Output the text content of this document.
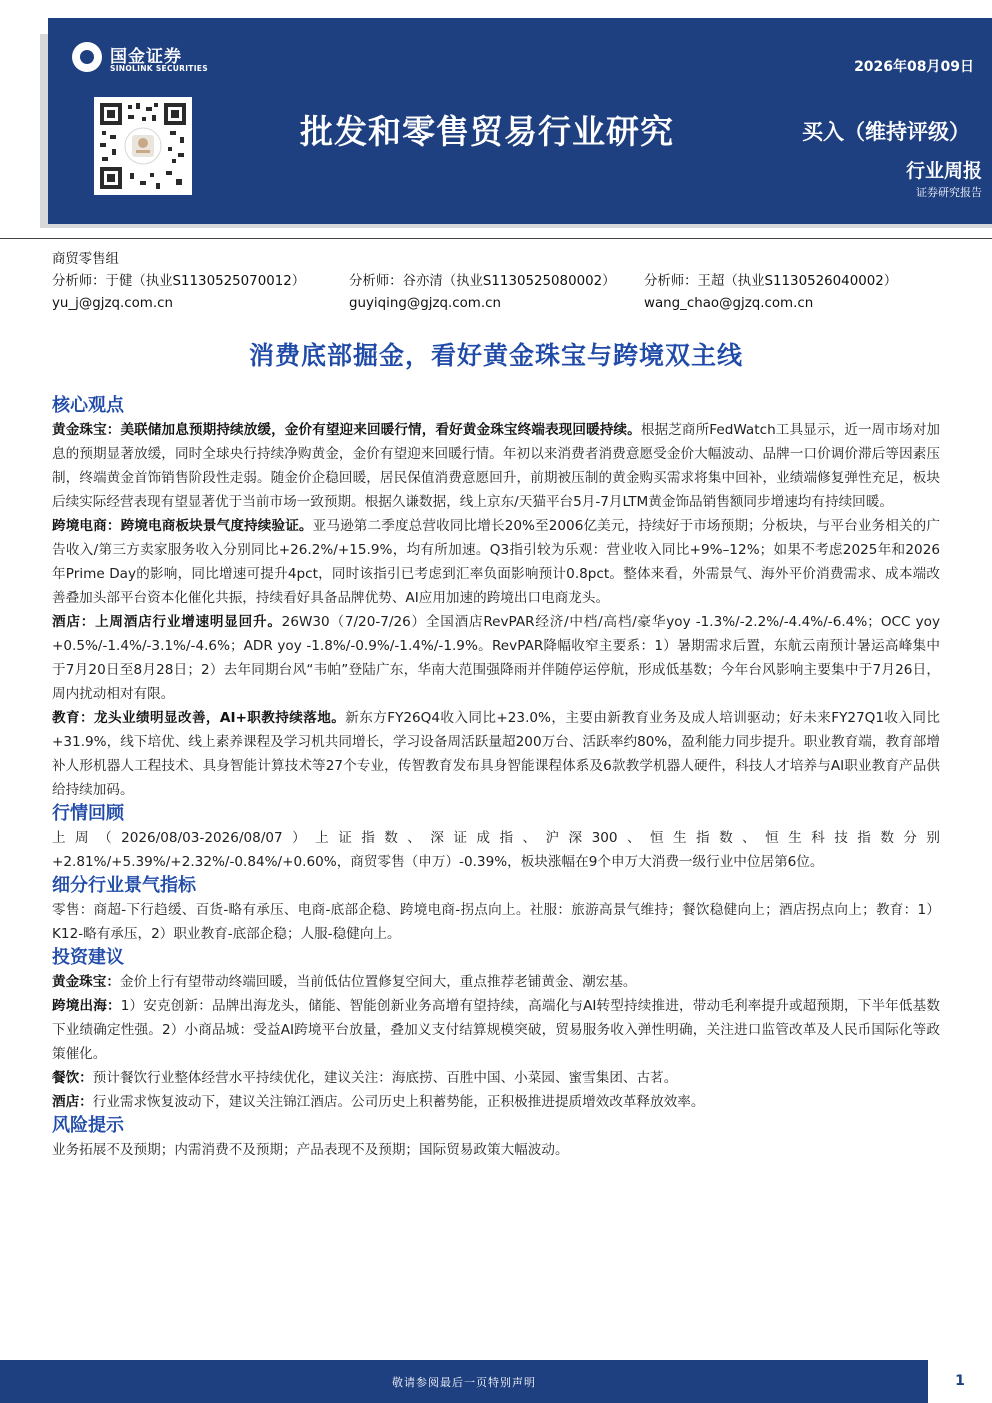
国金证券
SINOLINK SECURITIES	2026年08月09日
批发和零售贸易行业研究	买入（维持评级）
行业周报
证券研究报告
商贸零售组
分析师：于健（执业S1130525070012）
yu_j@gjzq.com.cn
分析师：谷亦清（执业S1130525080002）
guyiqing@gjzq.com.cn
分析师：王超（执业S1130526040002）
wang_chao@gjzq.com.cn
消费底部掘金，看好黄金珠宝与跨境双主线
核心观点

黄金珠宝：美联储加息预期持续放缓，金价有望迎来回暖行情，看好黄金珠宝终端表现回暖持续。根据芝商所FedWatch工具显示，近一周市场对加息的预期显著放缓，同时全球央行持续净购黄金，金价有望迎来回暖行情。年初以来消费者消费意愿受金价大幅波动、品牌一口价调价滞后等因素压制，终端黄金首饰销售阶段性走弱。随金价企稳回暖，居民保值消费意愿回升，前期被压制的黄金购买需求将集中回补，业绩端修复弹性充足，板块后续实际经营表现有望显著优于当前市场一致预期。根据久谦数据，线上京东/天猫平台5月-7月LTM黄金饰品销售额同步增速均有持续回暖。

跨境电商：跨境电商板块景气度持续验证。亚马逊第二季度总营收同比增长20%至2006亿美元，持续好于市场预期；分板块，与平台业务相关的广告收入/第三方卖家服务收入分别同比+26.2%/+15.9%，均有所加速。Q3指引较为乐观：营业收入同比+9%–12%；如果不考虑2025年和2026年Prime Day的影响，同比增速可提升4pct，同时该指引已考虑到汇率负面影响预计0.8pct。整体来看，外需景气、海外平价消费需求、成本端改善叠加头部平台资本化催化共振，持续看好具备品牌优势、AI应用加速的跨境出口电商龙头。

酒店：上周酒店行业增速明显回升。26W30（7/20-7/26）全国酒店RevPAR经济/中档/高档/豪华yoy -1.3%/-2.2%/-4.4%/-6.4%；OCC yoy +0.5%/-1.4%/-3.1%/-4.6%；ADR yoy -1.8%/-0.9%/-1.4%/-1.9%。RevPAR降幅收窄主要系：1）暑期需求后置，东航云南预计暑运高峰集中于7月20日至8月28日；2）去年同期台风“韦帕”登陆广东，华南大范围强降雨并伴随停运停航，形成低基数；今年台风影响主要集中于7月26日，周内扰动相对有限。

教育：龙头业绩明显改善，AI+职教持续落地。新东方FY26Q4收入同比+23.0%，主要由新教育业务及成人培训驱动；好未来FY27Q1收入同比+31.9%，线下培优、线上素养课程及学习机共同增长，学习设备周活跃量超200万台、活跃率约80%，盈利能力同步提升。职业教育端，教育部增补人形机器人工程技术、具身智能计算技术等27个专业，传智教育发布具身智能课程体系及6款教学机器人硬件，科技人才培养与AI职业教育产品供给持续加码。

行情回顾

上周（2026/08/03-2026/08/07）上证指数、深证成指、沪深300、恒生指数、恒生科技指数分别+2.81%/+5.39%/+2.32%/-0.84%/+0.60%，商贸零售（申万）-0.39%，板块涨幅在9个申万大消费一级行业中位居第6位。

细分行业景气指标

零售：商超-下行趋缓、百货-略有承压、电商-底部企稳、跨境电商-拐点向上。社服：旅游高景气维持；餐饮稳健向上；酒店拐点向上；教育：1）K12-略有承压，2）职业教育-底部企稳；人服-稳健向上。

投资建议

黄金珠宝：金价上行有望带动终端回暖，当前低估位置修复空间大，重点推荐老铺黄金、潮宏基。

跨境出海：1）安克创新：品牌出海龙头，储能、智能创新业务高增有望持续，高端化与AI转型持续推进，带动毛利率提升或超预期，下半年低基数下业绩确定性强。2）小商品城：受益AI跨境平台放量，叠加义支付结算规模突破，贸易服务收入弹性明确，关注进口监管改革及人民币国际化等政策催化。

餐饮：预计餐饮行业整体经营水平持续优化，建议关注：海底捞、百胜中国、小菜园、蜜雪集团、古茗。

酒店：行业需求恢复波动下，建议关注锦江酒店。公司历史上积蓄势能，正积极推进提质增效改革释放效率。

风险提示

业务拓展不及预期；内需消费不及预期；产品表现不及预期；国际贸易政策大幅波动。

敬请参阅最后一页特别声明	1
